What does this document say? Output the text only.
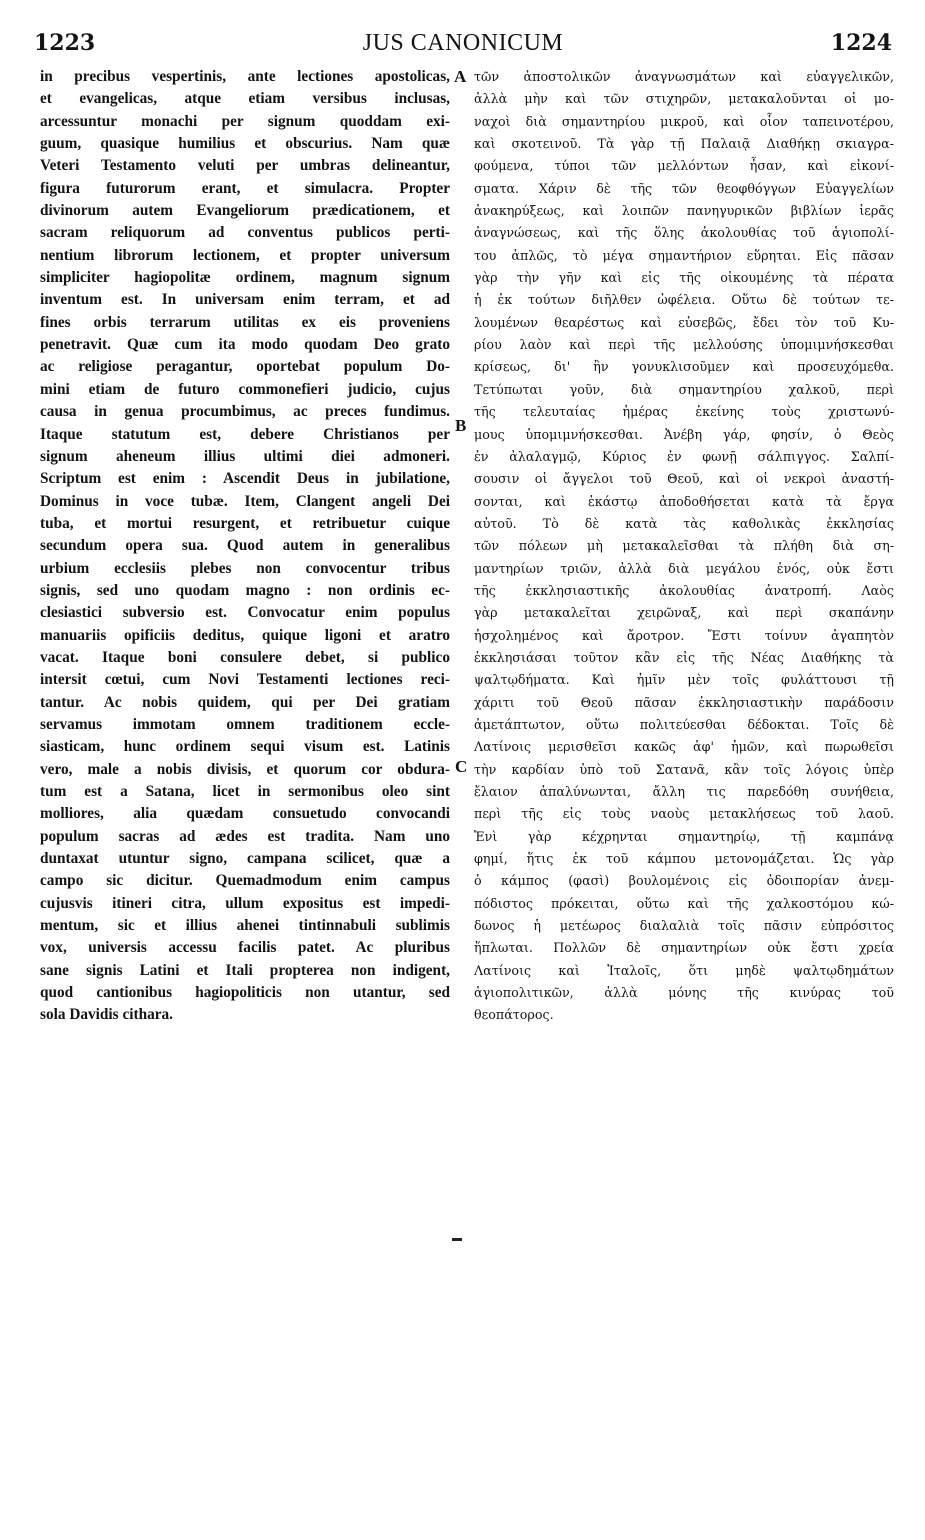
1223	JUS CANONICUM	1224
in precibus vespertinis, ante lectiones apostolicas,
et evangelicas, atque etiam versibus inclusas,
arcessuntur monachi per signum quoddam exi-
guum, quasique humilius et obscurius. Nam quæ
Veteri Testamento veluti per umbras delineantur,
figura futurorum erant, et simulacra. Propter
divinorum autem Evangeliorum prædicationem, et
sacram reliquorum ad conventus publicos perti-
nentium librorum lectionem, et propter universum
simpliciter hagiopolitæ ordinem, magnum signum
inventum est. In universam enim terram, et ad
fines orbis terrarum utilitas ex eis proveniens
penetravit. Quæ cum ita modo quodam Deo grato
ac religiose peragantur, oportebat populum Do-
mini etiam de futuro commonefieri judicio, cujus
causa in genua procumbimus, ac preces fundimus.
Itaque statutum est, debere Christianos per
signum aheneum illius ultimi diei admoneri.
Scriptum est enim : Ascendit Deus in jubilatione,
Dominus in voce tubæ. Item, Clangent angeli Dei
tuba, et mortui resurgent, et retribuetur cuique
secundum opera sua. Quod autem in generalibus
urbium ecclesiis plebes non convocentur tribus
signis, sed uno quodam magno : non ordinis ec-
clesiastici subversio est. Convocatur enim populus
manuariis opificiis deditus, quique ligoni et aratro
vacat. Itaque boni consulere debet, si publico
intersit cœtui, cum Novi Testamenti lectiones reci-
tantur. Ac nobis quidem, qui per Dei gratiam
servamus immotam omnem traditionem eccle-
siasticam, hunc ordinem sequi visum est. Latinis
vero, male a nobis divisis, et quorum cor obdura-
tum est a Satana, licet in sermonibus oleo sint
molliores, alia quædam consuetudo convocandi
populum sacras ad ædes est tradita. Nam uno
duntaxat utuntur signo, campana scilicet, quæ a
campo sic dicitur. Quemadmodum enim campus
cujusvis itineri citra, ullum expositus est impedi-
mentum, sic et illius ahenei tintinnabuli sublimis
vox, universis accessu facilis patet. Ac pluribus
sane signis Latini et Itali propterea non indigent,
quod cantionibus hagiopoliticis non utantur, sed
sola Davidis cithara.
τῶν ἀποστολικῶν ἀναγνωσμάτων καὶ εὐαγγελικῶν,
ἀλλὰ μὴν καὶ τῶν στιχηρῶν, μετακαλοῦνται οἱ μο-
ναχοὶ διὰ σημαντηρίου μικροῦ, καὶ οἷον ταπεινοτέρου,
καὶ σκοτεινοῦ. Τὰ γὰρ τῇ Παλαιᾷ Διαθήκῃ σκιαγρα-
φούμενα, τύποι τῶν μελλόντων ἦσαν, καὶ εἰκονί-
σματα. Χάριν δὲ τῆς τῶν θεοφθόγγων Εὐαγγελίων
ἀνακηρύξεως, καὶ λοιπῶν πανηγυρικῶν βιβλίων ἱερᾶς
ἀναγνώσεως, καὶ τῆς ὅλης ἀκολουθίας τοῦ ἁγιοπολί-
του ἁπλῶς, τὸ μέγα σημαντήριον εὕρηται. Εἰς πᾶσαν
γὰρ τὴν γῆν καὶ εἰς τῆς οἰκουμένης τὰ πέρατα
ἡ ἐκ τούτων διῆλθεν ὠφέλεια. Οὕτω δὲ τούτων τε-
λουμένων θεαρέστως καὶ εὐσεβῶς, ἔδει τὸν τοῦ Κυ-
ρίου λαὸν καὶ περὶ τῆς μελλούσης ὑπομιμνήσκεσθαι
κρίσεως, δι' ἣν γονυκλισοῦμεν καὶ προσευχόμεθα.
Τετύπωται γοῦν, διὰ σημαντηρίου χαλκοῦ, περὶ
τῆς τελευταίας ἡμέρας ἐκείνης τοὺς χριστωνύ-
μους ὑπομιμνήσκεσθαι. Ἀνέβη γάρ, φησίν, ὁ Θεὸς
ἐν ἀλαλαγμῷ, Κύριος ἐν φωνῇ σάλπιγγος. Σαλπί-
σουσιν οἱ ἄγγελοι τοῦ Θεοῦ, καὶ οἱ νεκροὶ ἀναστή-
σονται, καὶ ἑκάστῳ ἀποδοθήσεται κατὰ τὰ ἔργα
αὐτοῦ. Τὸ δὲ κατὰ τὰς καθολικὰς ἐκκλησίας
τῶν πόλεων μὴ μετακαλεῖσθαι τὰ πλήθη διὰ ση-
μαντηρίων τριῶν, ἀλλὰ διὰ μεγάλου ἑνός, οὐκ ἔστι
τῆς ἐκκλησιαστικῆς ἀκολουθίας ἀνατροπή. Λαὸς
γὰρ μετακαλεῖται χειρῶναξ, καὶ περὶ σκαπάνην
ἠσχολημένος καὶ ἄροτρον. Ἔστι τοίνυν ἀγαπητὸν
ἐκκλησιάσαι τοῦτον κἂν εἰς τῆς Νέας Διαθήκης τὰ
ψαλτῳδήματα. Καὶ ἡμῖν μὲν τοῖς φυλάττουσι τῇ
χάριτι τοῦ Θεοῦ πᾶσαν ἐκκλησιαστικὴν παράδοσιν
ἀμετάπτωτον, οὕτω πολιτεύεσθαι δέδοκται. Τοῖς δὲ
Λατίνοις μερισθεῖσι κακῶς ἀφ' ἡμῶν, καὶ πωρωθεῖσι
τὴν καρδίαν ὑπὸ τοῦ Σατανᾶ, κἂν τοῖς λόγοις ὑπὲρ
ἔλαιον ἁπαλύνωνται, ἄλλη τις παρεδόθη συνήθεια,
περὶ τῆς εἰς τοὺς ναοὺς μετακλήσεως τοῦ λαοῦ.
Ἑνὶ γὰρ κέχρηνται σημαντηρίῳ, τῇ καμπάνᾳ
φημί, ἥτις ἐκ τοῦ κάμπου μετονομάζεται. Ὡς γὰρ
ὁ κάμπος (φασὶ) βουλομένοις εἰς ὁδοιπορίαν ἀνεμ-
πόδιστος πρόκειται, οὕτω καὶ τῆς χαλκοστόμου κώ-
δωνος ἡ μετέωρος διαλαλιὰ τοῖς πᾶσιν εὐπρόσιτος
ἥπλωται. Πολλῶν δὲ σημαντηρίων οὐκ ἔστι χρεία
Λατίνοις καὶ Ἰταλοῖς, ὅτι μηδὲ ψαλτῳδημάτων
ἁγιοπολιτικῶν, ἀλλὰ μόνης τῆς κινύρας τοῦ
θεοπάτορος.
A
B
C
